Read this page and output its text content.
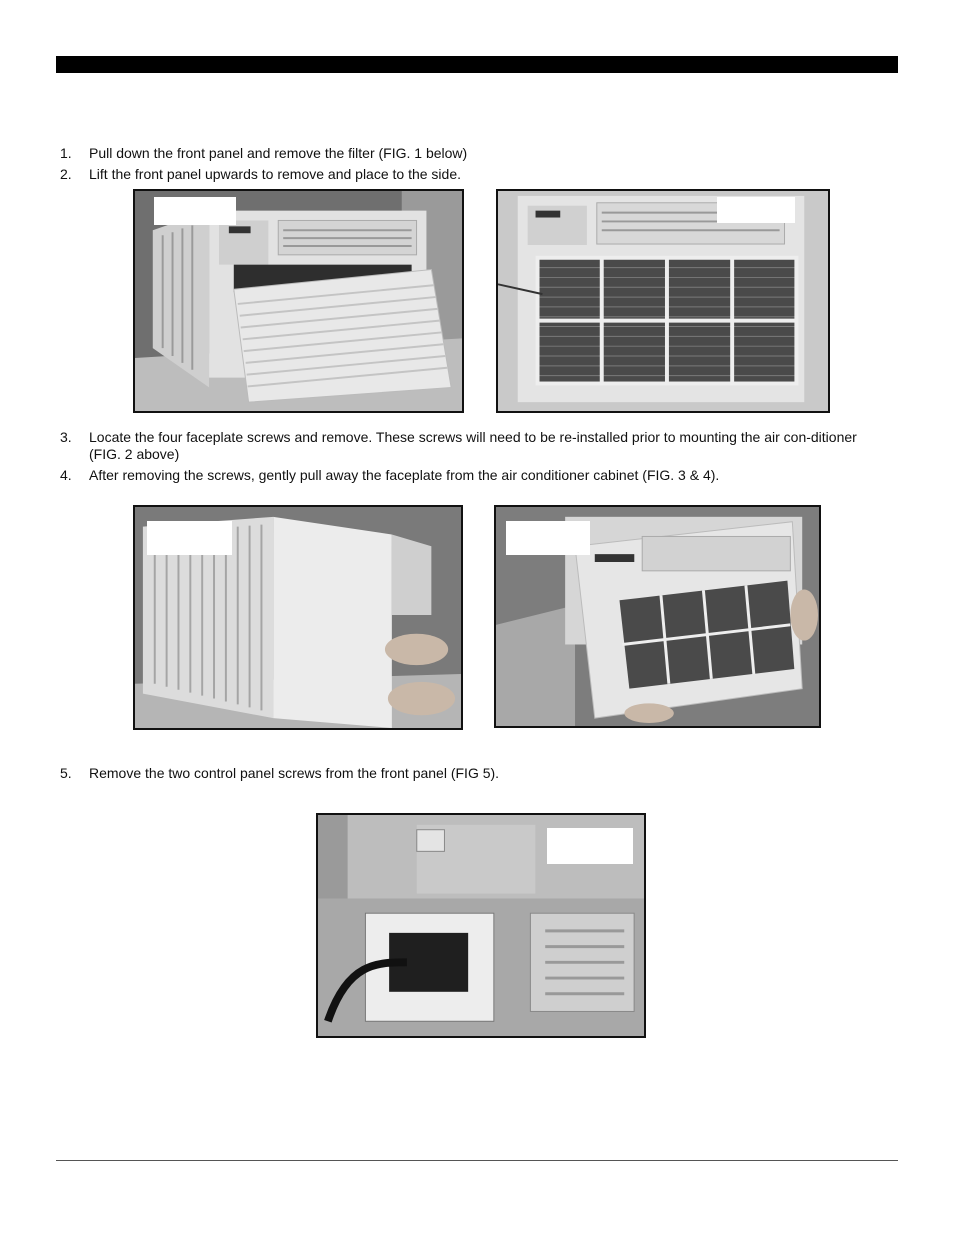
1. Pull down the front panel and remove the filter (FIG. 1 below)
2. Lift the front panel upwards to remove and place to the side.
3. Locate the four faceplate screws and remove. These screws will need to be re-installed prior to mounting the air con-ditioner (FIG. 2 above)
4. After removing the screws, gently pull away the faceplate from the air conditioner cabinet (FIG. 3 & 4).
5. Remove the two control panel screws from the front panel (FIG 5).
